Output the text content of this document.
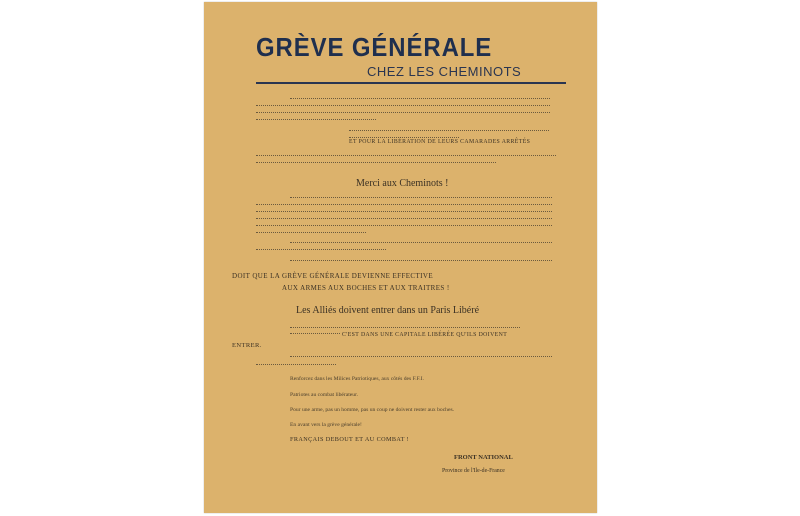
GRÈVE GÉNÉRALE
CHEZ LES CHEMINOTS
ET POUR LA LIBÉRATION DE LEURS CAMARADES ARRÊTÉS
Merci aux Cheminots !
DOIT QUE LA GRÈVE GÉNÉRALE DEVIENNE EFFECTIVE
AUX ARMES AUX BOCHES ET AUX TRAITRES !
Les Alliés doivent entrer dans un Paris Libéré
C'EST DANS UNE CAPITALE LIBÉRÉE QU'ILS DOIVENT
ENTRER.
Renforcez dans les Milices Patriotiques, aux côtés des F.F.I.
Patriotes au combat libérateur.
Pour une arme, pas un homme, pas un coup ne doivent rester aux boches.
En avant vers la grève générale!
FRANÇAIS DEBOUT ET AU COMBAT !
FRONT NATIONAL
Province de l'Ile-de-France
